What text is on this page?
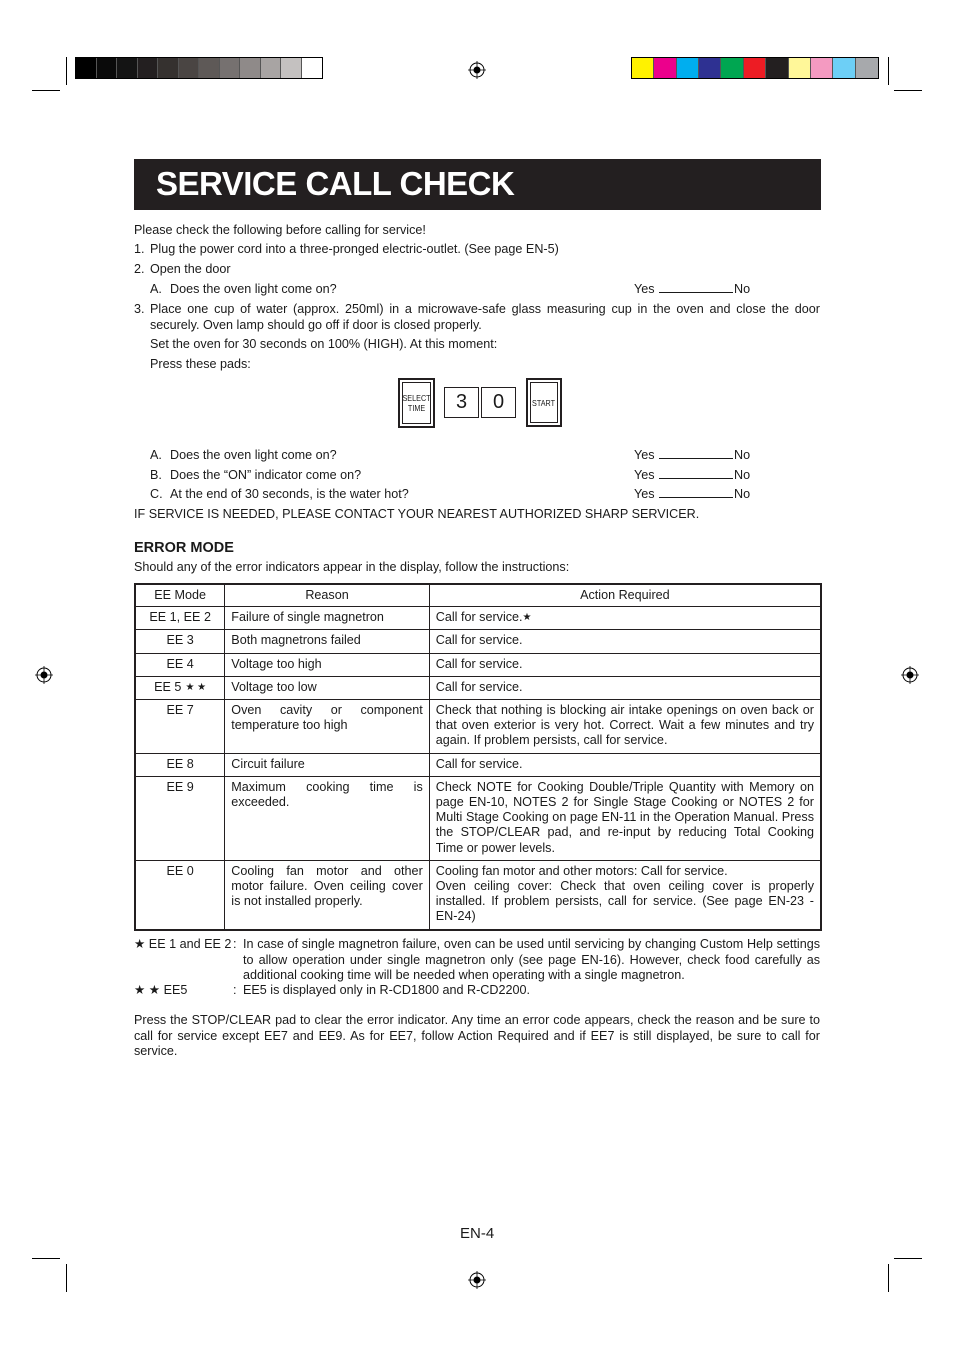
SERVICE CALL CHECK
Please check the following before calling for service!
1. Plug the power cord into a three-pronged electric-outlet. (See page EN-5)
2. Open the door
A. Does the oven light come on?	Yes	No
3. Place one cup of water (approx. 250ml) in a microwave-safe glass measuring cup in the oven and close the door securely. Oven lamp should go off if door is closed properly.
Set the oven for 30 seconds on 100% (HIGH). At this moment:
Press these pads:
SELECT
TIME	3	0	START
A. Does the oven light come on?	Yes	No
B. Does the “ON” indicator come on?	Yes	No
C. At the end of 30 seconds, is the water hot?	Yes	No
IF SERVICE IS NEEDED, PLEASE CONTACT YOUR NEAREST AUTHORIZED SHARP SERVICER.
ERROR MODE
Should any of the error indicators appear in the display, follow the instructions:
EE Mode	Reason	Action Required
EE 1, EE 2	Failure of single magnetron	Call for service.★
EE 3	Both magnetrons failed	Call for service.
EE 4	Voltage too high	Call for service.
EE 5 ★ ★	Voltage too low	Call for service.
EE 7	Oven cavity or component temperature too high	Check that nothing is blocking air intake openings on oven back or that oven exterior is very hot. Correct. Wait a few minutes and try again. If problem persists, call for service.
EE 8	Circuit failure	Call for service.
EE 9	Maximum cooking time is exceeded.	Check NOTE for Cooking Double/Triple Quantity with Memory on page EN-10, NOTES 2 for Single Stage Cooking or NOTES 2 for Multi Stage Cooking on page EN-11 in the Operation Manual. Press the STOP/CLEAR pad, and re-input by reducing Total Cooking Time or power levels.
EE 0	Cooling fan motor and other motor failure. Oven ceiling cover is not installed properly.	Cooling fan motor and other motors: Call for service.
Oven ceiling cover: Check that oven ceiling cover is properly installed. If problem persists, call for service. (See page EN-23 - EN-24)
★ EE 1 and EE 2 : In case of single magnetron failure, oven can be used until servicing by changing Custom Help settings to allow operation under single magnetron only (see page EN-16). However, check food carefully as additional cooking time will be needed when operating with a single magnetron.
★ ★ EE5	: EE5 is displayed only in R-CD1800 and R-CD2200.
Press the STOP/CLEAR pad to clear the error indicator. Any time an error code appears, check the reason and be sure to call for service except EE7 and EE9. As for EE7, follow Action Required and if EE7 is still displayed, be sure to call for service.
EN-4
